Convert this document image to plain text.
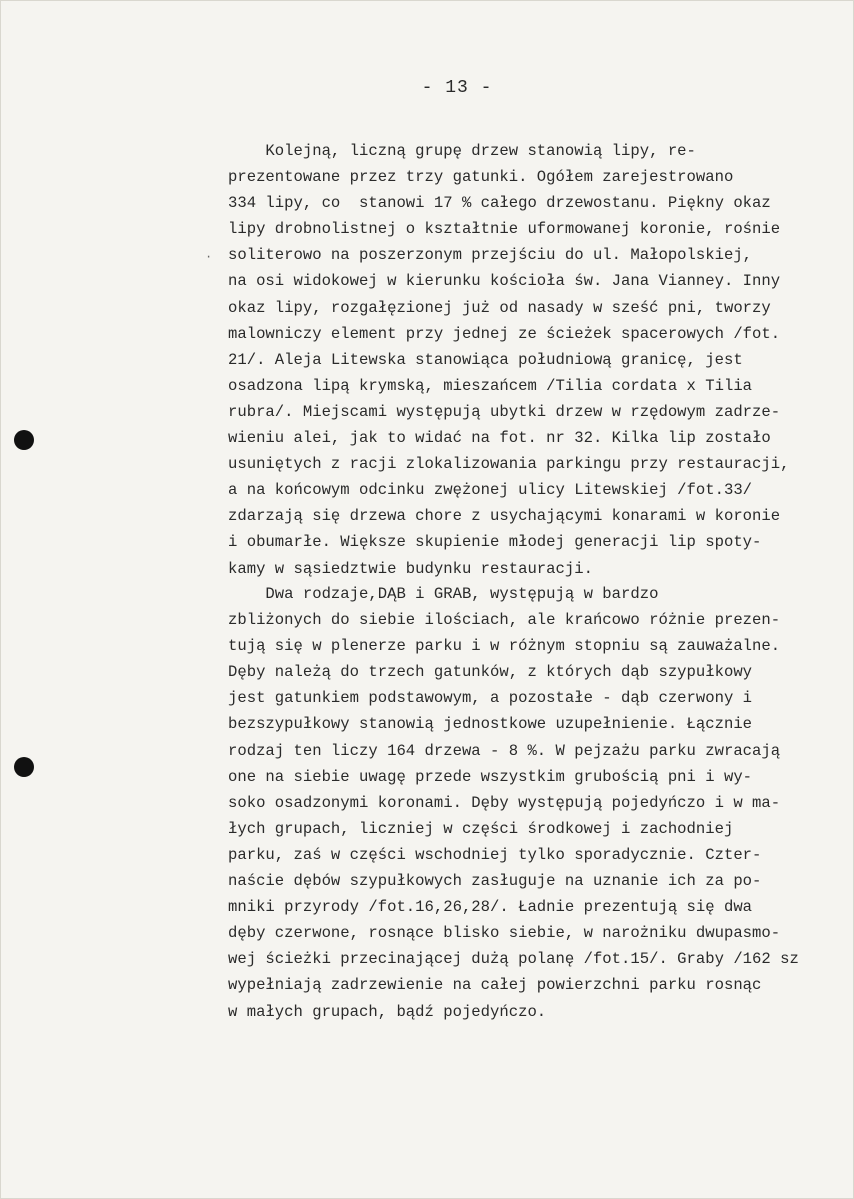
- 13 -

·
Kolejną, liczną grupę drzew stanowią lipy, re-
prezentowane przez trzy gatunki. Ogółem zarejestrowano
334 lipy, co  stanowi 17 % całego drzewostanu. Piękny okaz
lipy drobnolistnej o kształtnie uformowanej koronie, rośnie
soliterowo na poszerzonym przejściu do ul. Małopolskiej,
na osi widokowej w kierunku kościoła św. Jana Vianney. Inny
okaz lipy, rozgałęzionej już od nasady w sześć pni, tworzy
malowniczy element przy jednej ze ścieżek spacerowych /fot.
21/. Aleja Litewska stanowiąca południową granicę, jest
osadzona lipą krymską, mieszańcem /Tilia cordata x Tilia
rubra/. Miejscami występują ubytki drzew w rzędowym zadrze-
wieniu alei, jak to widać na fot. nr 32. Kilka lip zostało
usuniętych z racji zlokalizowania parkingu przy restauracji,
a na końcowym odcinku zwężonej ulicy Litewskiej /fot.33/
zdarzają się drzewa chore z usychającymi konarami w koronie
i obumarłe. Większe skupienie młodej generacji lip spoty-
kamy w sąsiedztwie budynku restauracji.
Dwa rodzaje,DĄB i GRAB, występują w bardzo
zbliżonych do siebie ilościach, ale krańcowo różnie prezen-
tują się w plenerze parku i w różnym stopniu są zauważalne.
Dęby należą do trzech gatunków, z których dąb szypułkowy
jest gatunkiem podstawowym, a pozostałe - dąb czerwony i
bezszypułkowy stanowią jednostkowe uzupełnienie. Łącznie
rodzaj ten liczy 164 drzewa - 8 %. W pejzażu parku zwracają
one na siebie uwagę przede wszystkim grubością pni i wy-
soko osadzonymi koronami. Dęby występują pojedyńczo i w ma-
łych grupach, liczniej w części środkowej i zachodniej
parku, zaś w części wschodniej tylko sporadycznie. Czter-
naście dębów szypułkowych zasługuje na uznanie ich za po-
mniki przyrody /fot.16,26,28/. Ładnie prezentują się dwa
dęby czerwone, rosnące blisko siebie, w narożniku dwupasmo-
wej ścieżki przecinającej dużą polanę /fot.15/. Graby /162 sz
wypełniają zadrzewienie na całej powierzchni parku rosnąc
w małych grupach, bądź pojedyńczo.
